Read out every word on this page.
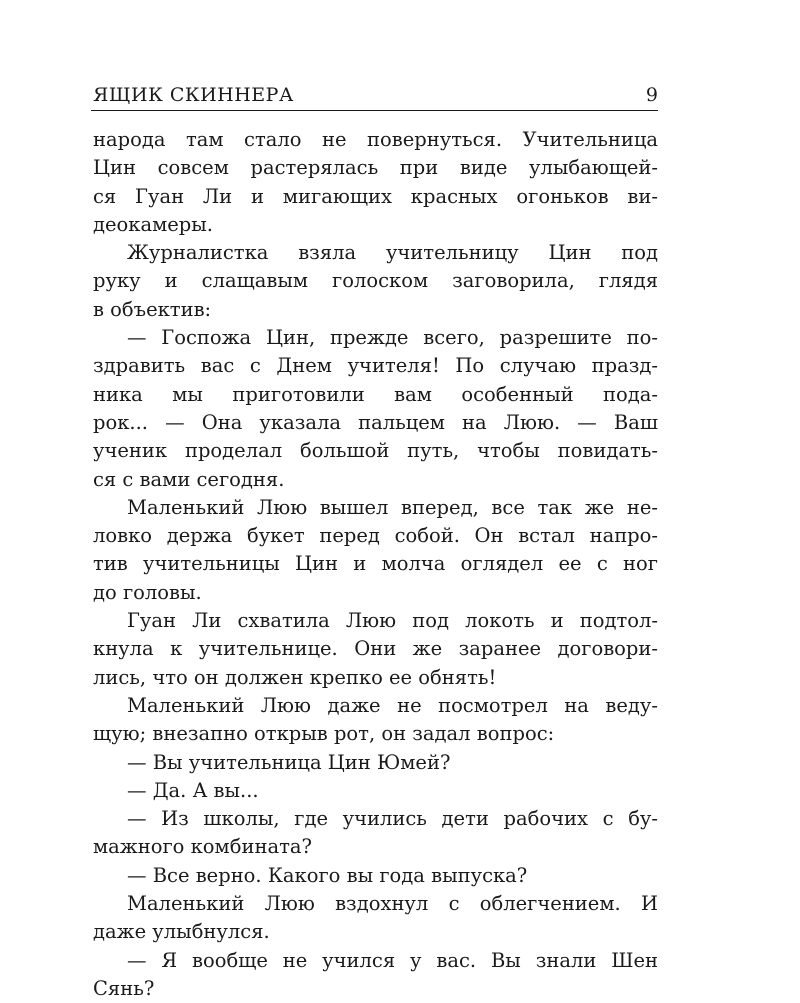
ЯЩИК СКИННЕРА	9
народа там стало не повернуться. Учительница
Цин совсем растерялась при виде улыбающей-
ся Гуан Ли и мигающих красных огоньков ви-
деокамеры.
Журналистка взяла учительницу Цин под
руку и слащавым голоском заговорила, глядя
в объектив:
— Госпожа Цин, прежде всего, разрешите по-
здравить вас с Днем учителя! По случаю празд-
ника мы приготовили вам особенный пода-
рок... — Она указала пальцем на Люю. — Ваш
ученик проделал большой путь, чтобы повидать-
ся с вами сегодня.
Маленький Люю вышел вперед, все так же не-
ловко держа букет перед собой. Он встал напро-
тив учительницы Цин и молча оглядел ее с ног
до головы.
Гуан Ли схватила Люю под локоть и подтол-
кнула к учительнице. Они же заранее договори-
лись, что он должен крепко ее обнять!
Маленький Люю даже не посмотрел на веду-
щую; внезапно открыв рот, он задал вопрос:
— Вы учительница Цин Юмей?
— Да. А вы...
— Из школы, где учились дети рабочих с бу-
мажного комбината?
— Все верно. Какого вы года выпуска?
Маленький Люю вздохнул с облегчением. И
даже улыбнулся.
— Я вообще не учился у вас. Вы знали Шен
Сянь?
